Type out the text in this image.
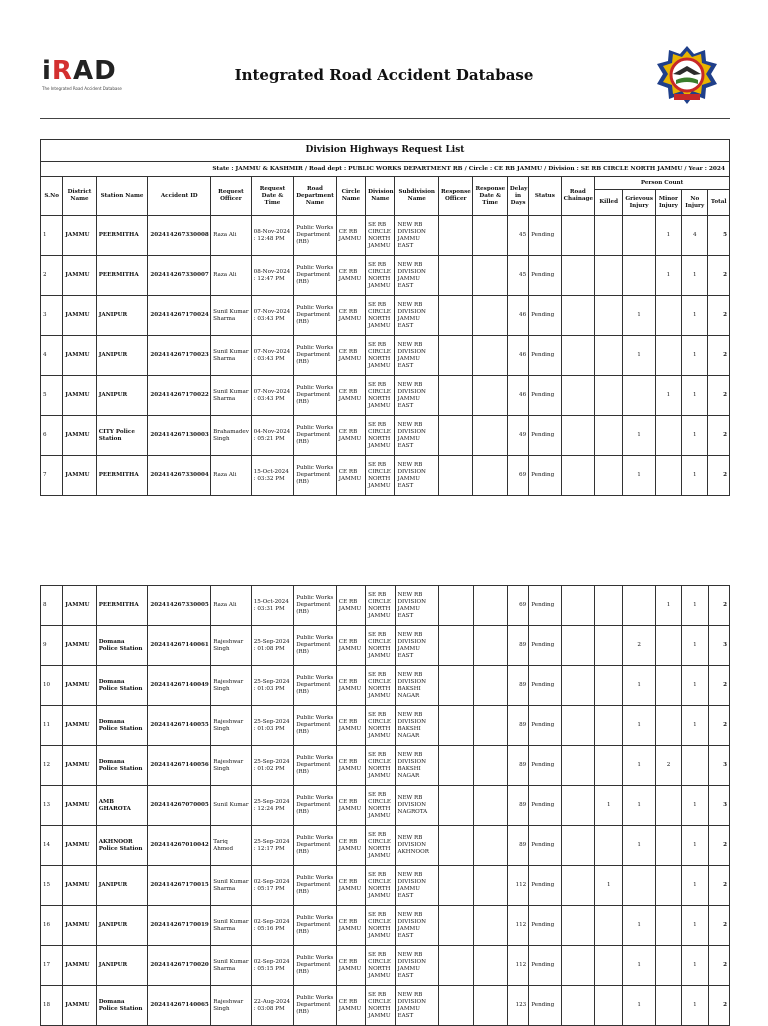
iRAD
The Integrated Road Accident Database
Integrated Road Accident Database
Division Highways Request List																			
State : JAMMU & KASHMIR / Road dept : PUBLIC WORKS DEPARTMENT RB / Circle : CE RB JAMMU / Division : SE RB CIRCLE NORTH JAMMU / Year : 2024																			
S.No	District Name	Station Name	Accident ID	Request Officer	Request Date & Time	Road Department Name	Circle Name	Division Name	Subdivision Name	Response Officer	Response Date & Time	Delay in Days	Status	Road Chainage	Person Count				
															Killed	Grievous Injury	Minor Injury	No Injury	Total
1	JAMMU	PEERMITHA	202414267330008	Raza Ali	08-Nov-2024 : 12:48 PM	Public Works Department (RB)	CE RB JAMMU	SE RB CIRCLE NORTH JAMMU	NEW RB DIVISION JAMMU EAST			45	Pending				1	4	5
2	JAMMU	PEERMITHA	202414267330007	Raza Ali	08-Nov-2024 : 12:47 PM	Public Works Department (RB)	CE RB JAMMU	SE RB CIRCLE NORTH JAMMU	NEW RB DIVISION JAMMU EAST			45	Pending				1	1	2
3	JAMMU	JANIPUR	202414267170024	Sunil Kumar Sharma	07-Nov-2024 : 03:43 PM	Public Works Department (RB)	CE RB JAMMU	SE RB CIRCLE NORTH JAMMU	NEW RB DIVISION JAMMU EAST			46	Pending			1		1	2
4	JAMMU	JANIPUR	202414267170023	Sunil Kumar Sharma	07-Nov-2024 : 03:43 PM	Public Works Department (RB)	CE RB JAMMU	SE RB CIRCLE NORTH JAMMU	NEW RB DIVISION JAMMU EAST			46	Pending			1		1	2
5	JAMMU	JANIPUR	202414267170022	Sunil Kumar Sharma	07-Nov-2024 : 03:43 PM	Public Works Department (RB)	CE RB JAMMU	SE RB CIRCLE NORTH JAMMU	NEW RB DIVISION JAMMU EAST			46	Pending				1	1	2
6	JAMMU	CITY Police Station	202414267130003	Brahamadev Singh	04-Nov-2024 : 05:21 PM	Public Works Department (RB)	CE RB JAMMU	SE RB CIRCLE NORTH JAMMU	NEW RB DIVISION JAMMU EAST			49	Pending			1		1	2
7	JAMMU	PEERMITHA	202414267330004	Raza Ali	15-Oct-2024 : 03:32 PM	Public Works Department (RB)	CE RB JAMMU	SE RB CIRCLE NORTH JAMMU	NEW RB DIVISION JAMMU EAST			69	Pending			1		1	2
8	JAMMU	PEERMITHA	202414267330005	Raza Ali	15-Oct-2024 : 03:31 PM	Public Works Department (RB)	CE RB JAMMU	SE RB CIRCLE NORTH JAMMU	NEW RB DIVISION JAMMU EAST			69	Pending				1	1	2
9	JAMMU	Domana Police Station	202414267140061	Rajeshwar Singh	25-Sep-2024 : 01:08 PM	Public Works Department (RB)	CE RB JAMMU	SE RB CIRCLE NORTH JAMMU	NEW RB DIVISION JAMMU EAST			89	Pending			2		1	3
10	JAMMU	Domana Police Station	202414267140049	Rajeshwar Singh	25-Sep-2024 : 01:03 PM	Public Works Department (RB)	CE RB JAMMU	SE RB CIRCLE NORTH JAMMU	NEW RB DIVISION BAKSHI NAGAR			89	Pending			1		1	2
11	JAMMU	Domana Police Station	202414267140055	Rajeshwar Singh	25-Sep-2024 : 01:03 PM	Public Works Department (RB)	CE RB JAMMU	SE RB CIRCLE NORTH JAMMU	NEW RB DIVISION BAKSHI NAGAR			89	Pending			1		1	2
12	JAMMU	Domana Police Station	202414267140056	Rajeshwar Singh	25-Sep-2024 : 01:02 PM	Public Works Department (RB)	CE RB JAMMU	SE RB CIRCLE NORTH JAMMU	NEW RB DIVISION BAKSHI NAGAR			89	Pending			1	2		3
13	JAMMU	AMB GHAROTA	202414267070005	Sunil Kumar	25-Sep-2024 : 12:24 PM	Public Works Department (RB)	CE RB JAMMU	SE RB CIRCLE NORTH JAMMU	NEW RB DIVISION NAGROTA			89	Pending		1	1		1	3
14	JAMMU	AKHNOOR Police Station	202414267010042	Tariq Ahmed	25-Sep-2024 : 12:17 PM	Public Works Department (RB)	CE RB JAMMU	SE RB CIRCLE NORTH JAMMU	NEW RB DIVISION AKHNOOR			89	Pending			1		1	2
15	JAMMU	JANIPUR	202414267170015	Sunil Kumar Sharma	02-Sep-2024 : 05:17 PM	Public Works Department (RB)	CE RB JAMMU	SE RB CIRCLE NORTH JAMMU	NEW RB DIVISION JAMMU EAST			112	Pending		1			1	2
16	JAMMU	JANIPUR	202414267170019	Sunil Kumar Sharma	02-Sep-2024 : 05:16 PM	Public Works Department (RB)	CE RB JAMMU	SE RB CIRCLE NORTH JAMMU	NEW RB DIVISION JAMMU EAST			112	Pending			1		1	2
17	JAMMU	JANIPUR	202414267170020	Sunil Kumar Sharma	02-Sep-2024 : 05:15 PM	Public Works Department (RB)	CE RB JAMMU	SE RB CIRCLE NORTH JAMMU	NEW RB DIVISION JAMMU EAST			112	Pending			1		1	2
18	JAMMU	Domana Police Station	202414267140065	Rajeshwar Singh	22-Aug-2024 : 03:08 PM	Public Works Department (RB)	CE RB JAMMU	SE RB CIRCLE NORTH JAMMU	NEW RB DIVISION JAMMU EAST			123	Pending			1		1	2
